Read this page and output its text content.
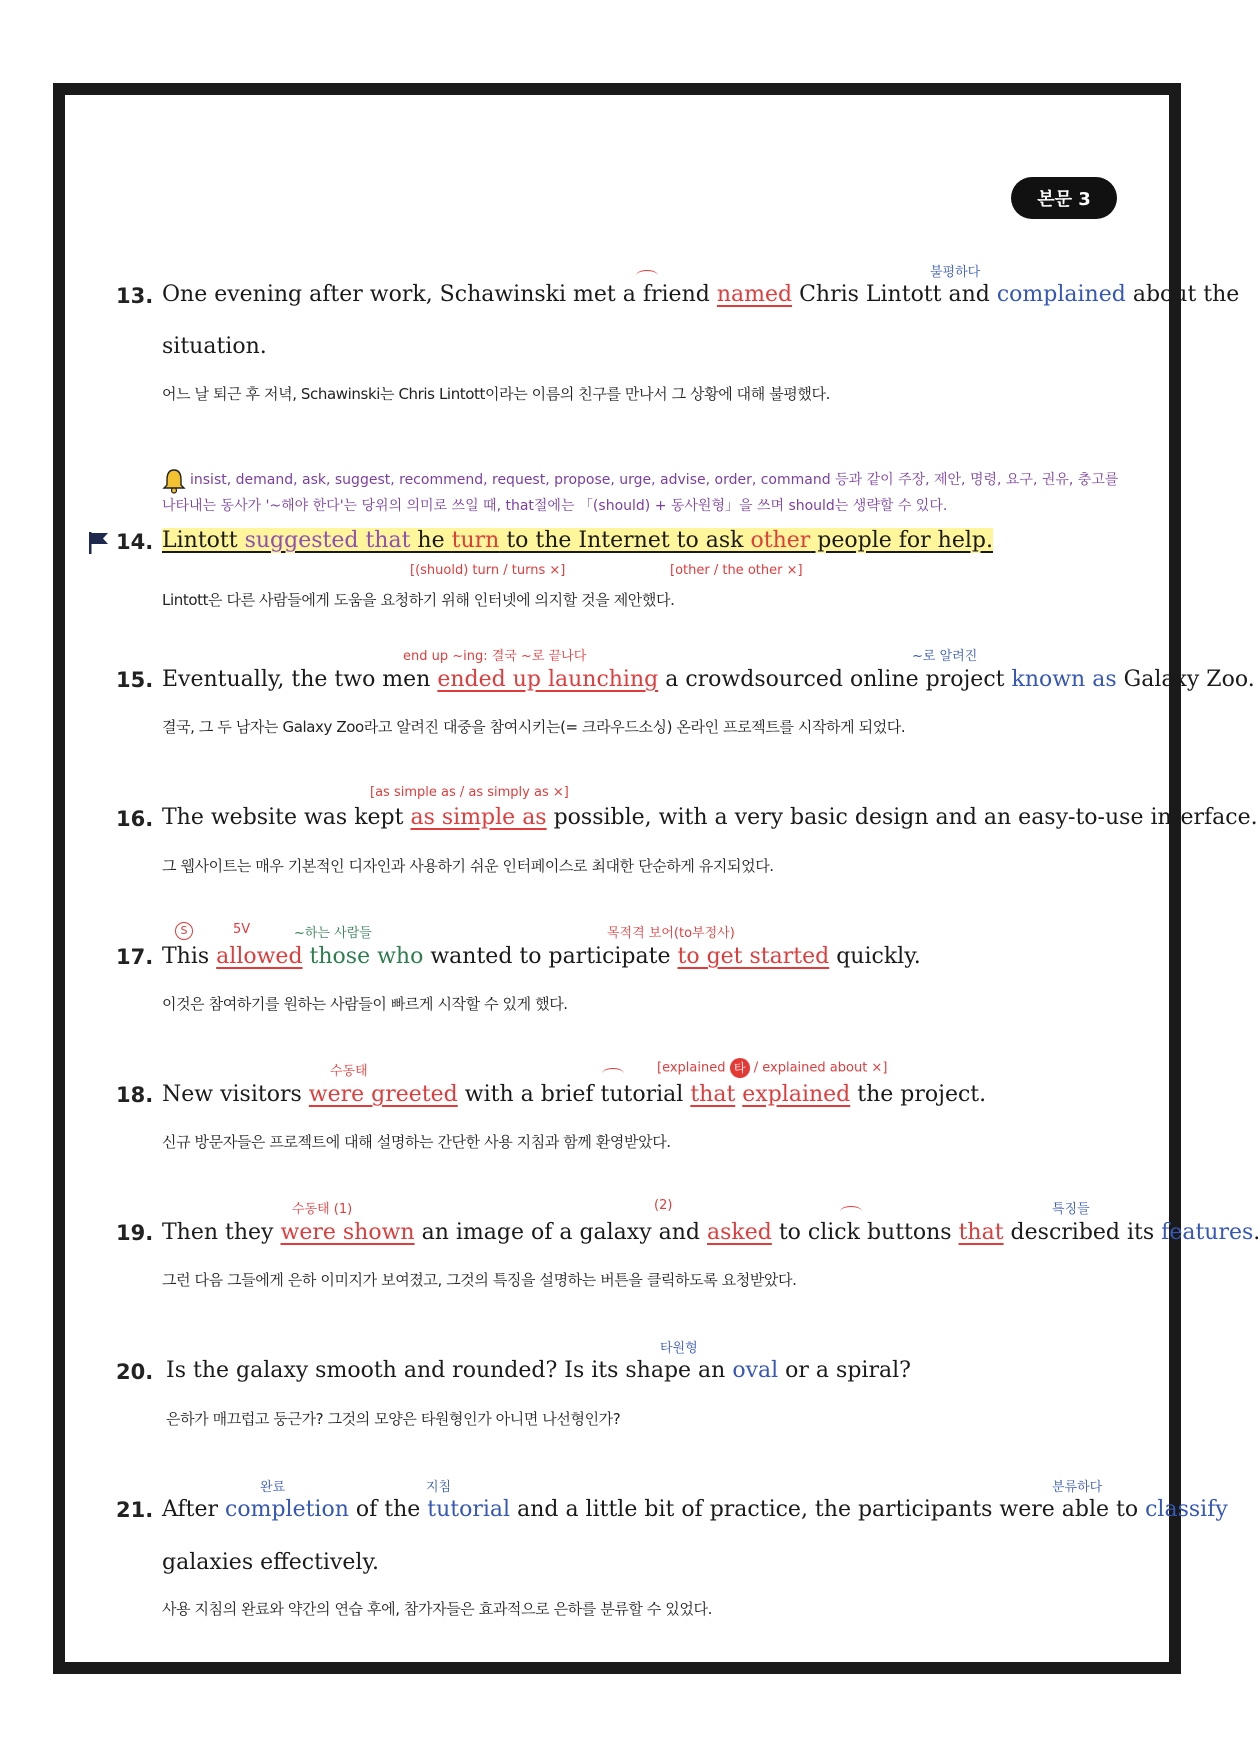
본문 3
13.
불평하다
One evening after work, Schawinski met a friend named Chris Lintott and complained about the
situation.
어느 날 퇴근 후 저녁, Schawinski는 Chris Lintott이라는 이름의 친구를 만나서 그 상황에 대해 불평했다.
insist, demand, ask, suggest, recommend, request, propose, urge, advise, order, command 등과 같이 주장, 제안, 명령, 요구, 권유, 충고를
나타내는 동사가 '~해야 한다'는 당위의 의미로 쓰일 때, that절에는 「(should) + 동사원형」을 쓰며 should는 생략할 수 있다.
14. Lintott suggested that he turn to the Internet to ask other people for help.
[(shuold) turn / turns ×]	[other / the other ×]
Lintott은 다른 사람들에게 도움을 요청하기 위해 인터넷에 의지할 것을 제안했다.
end up ~ing: 결국 ~로 끝나다	~로 알려진
15. Eventually, the two men ended up launching a crowdsourced online project known as Galaxy Zoo.
결국, 그 두 남자는 Galaxy Zoo라고 알려진 대중을 참여시키는(= 크라우드소싱) 온라인 프로젝트를 시작하게 되었다.
[as simple as / as simply as ×]
16. The website was kept as simple as possible, with a very basic design and an easy-to-use interface.
그 웹사이트는 매우 기본적인 디자인과 사용하기 쉬운 인터페이스로 최대한 단순하게 유지되었다.
S	5V	~하는 사람들	목적격 보어(to부정사)
17. This allowed those who wanted to participate to get started quickly.
이것은 참여하기를 원하는 사람들이 빠르게 시작할 수 있게 했다.
수동태	[explained 타 / explained about ×]
18. New visitors were greeted with a brief tutorial that explained the project.
신규 방문자들은 프로젝트에 대해 설명하는 간단한 사용 지침과 함께 환영받았다.
수동태 (1)	(2)	특징들
19. Then they were shown an image of a galaxy and asked to click buttons that described its features.
그런 다음 그들에게 은하 이미지가 보여졌고, 그것의 특징을 설명하는 버튼을 클릭하도록 요청받았다.
타원형
20. Is the galaxy smooth and rounded? Is its shape an oval or a spiral?
은하가 매끄럽고 둥근가? 그것의 모양은 타원형인가 아니면 나선형인가?
완료	지침	분류하다
21. After completion of the tutorial and a little bit of practice, the participants were able to classify
galaxies effectively.
사용 지침의 완료와 약간의 연습 후에, 참가자들은 효과적으로 은하를 분류할 수 있었다.
